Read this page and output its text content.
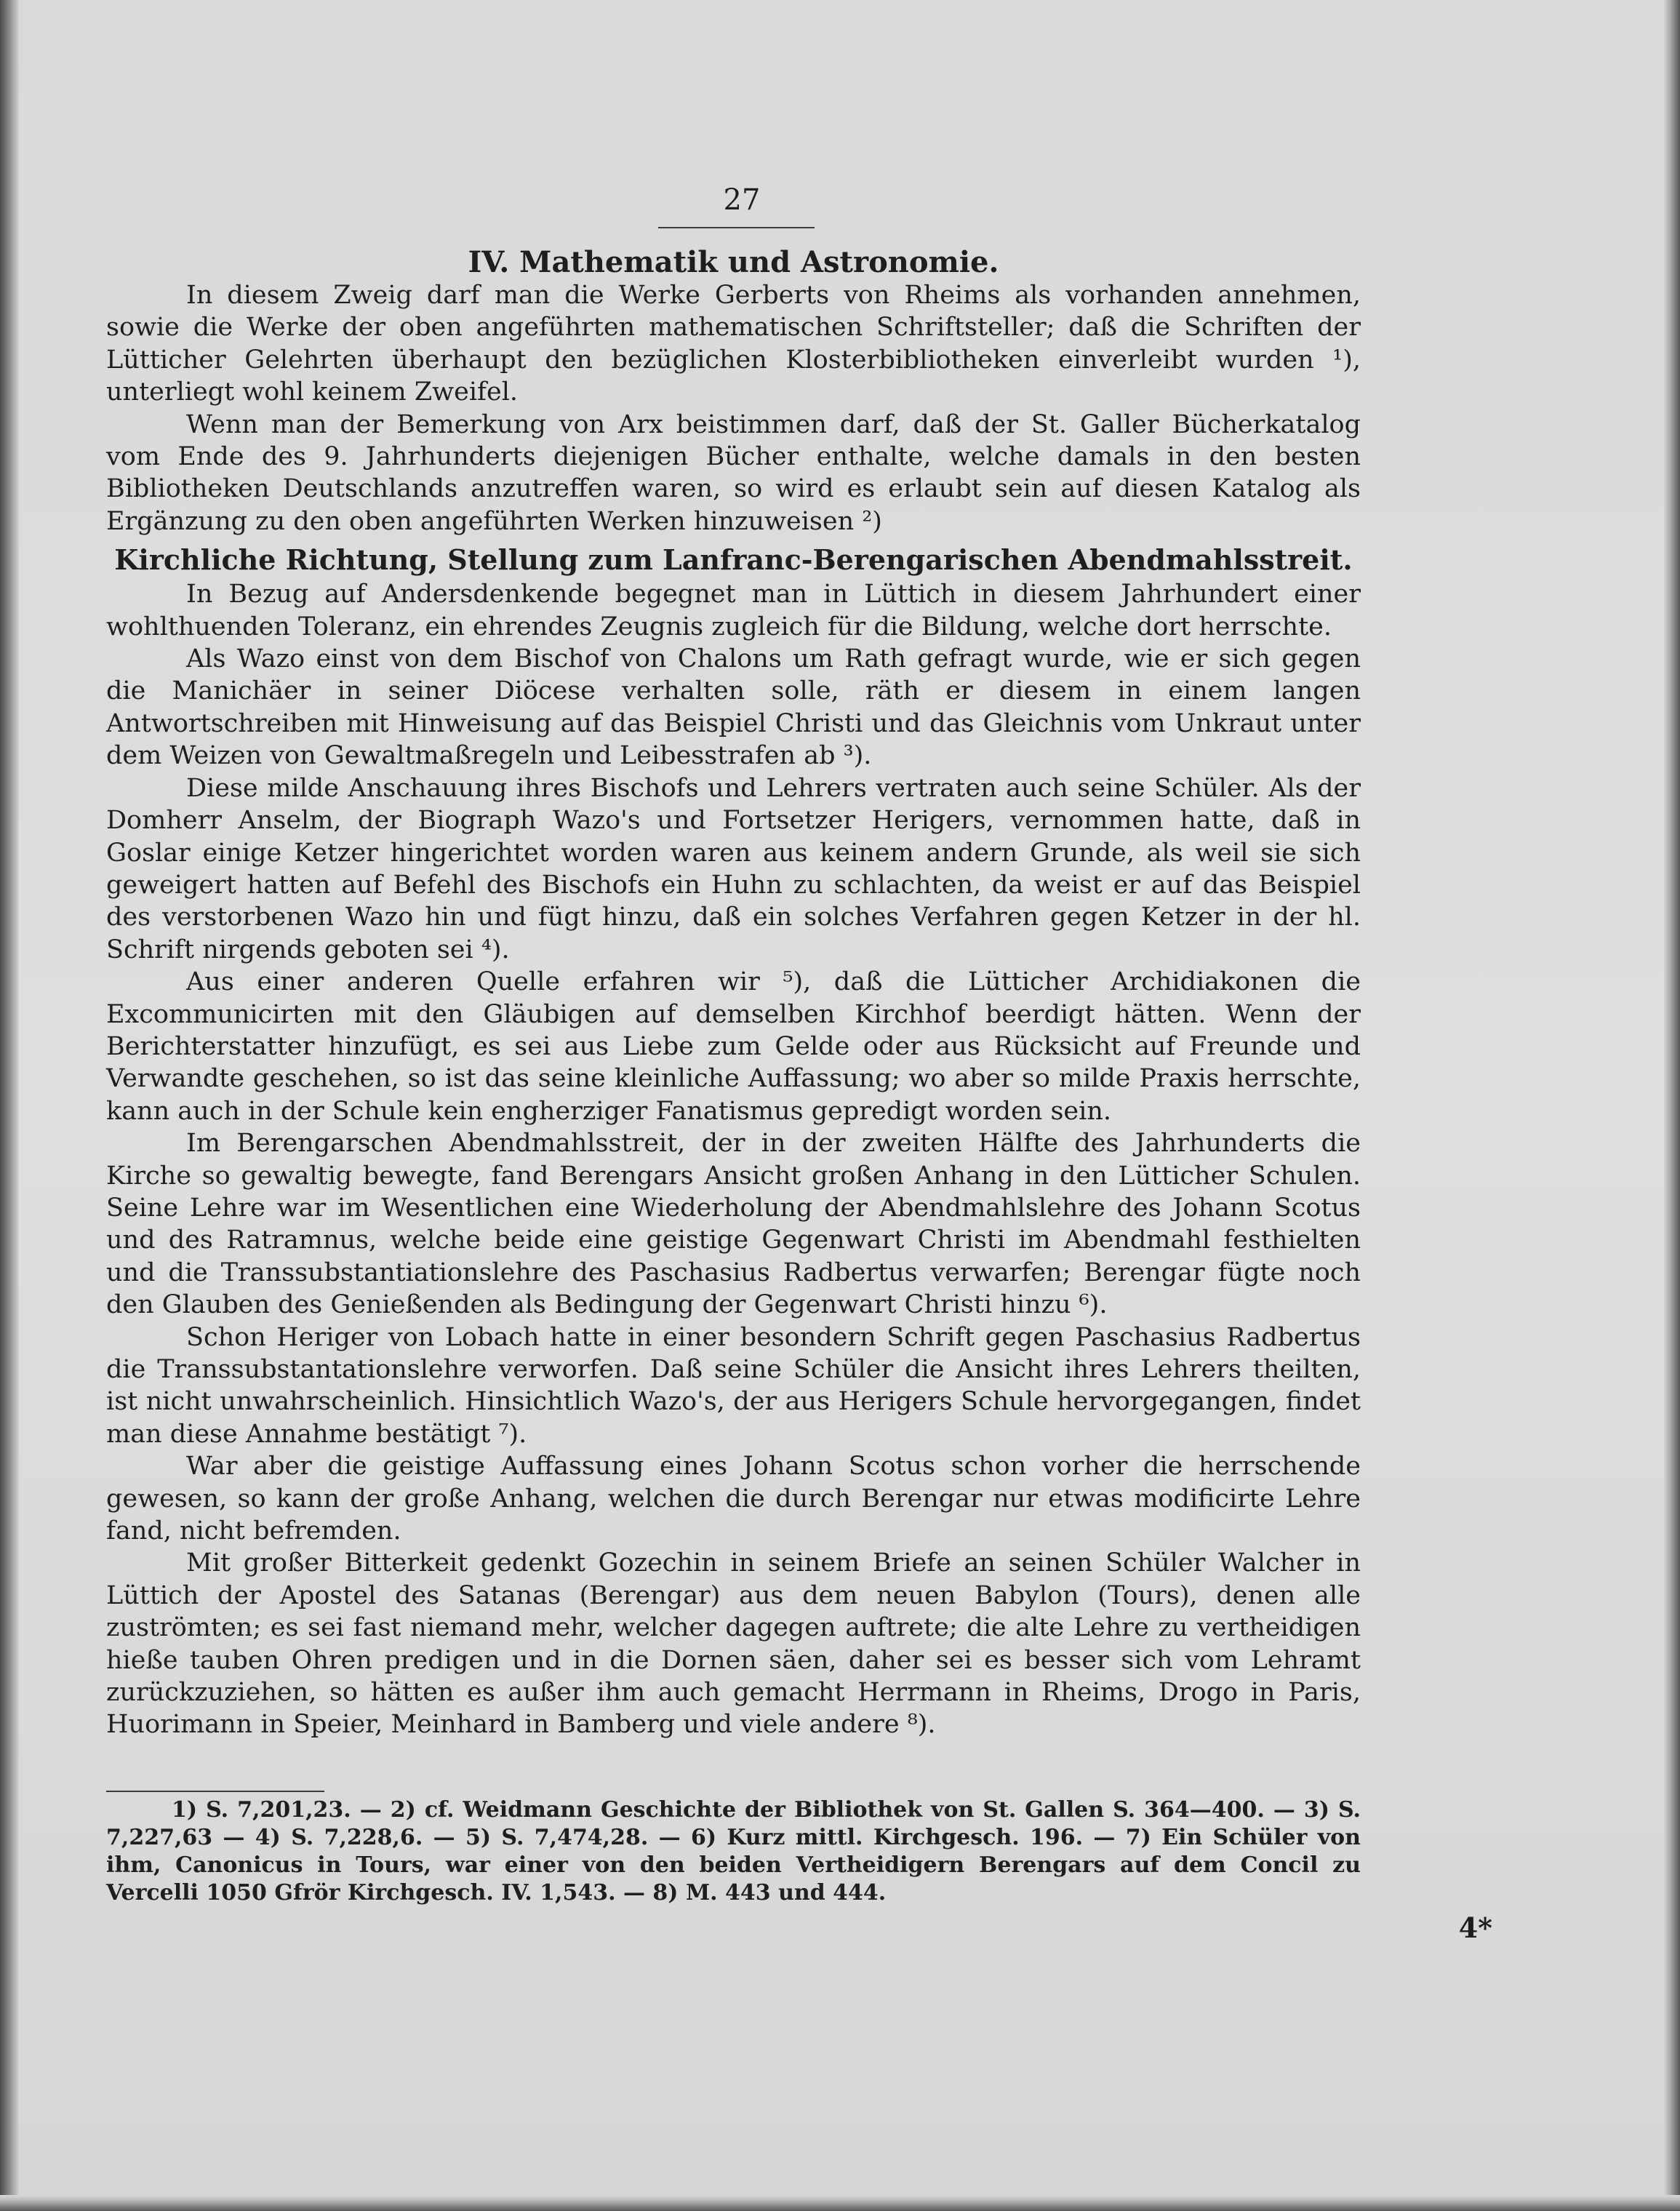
27
IV. Mathematik und Astronomie.

In diesem Zweig darf man die Werke Gerberts von Rheims als vorhanden annehmen, sowie die Werke der oben angeführten mathematischen Schriftsteller; daß die Schriften der Lütticher Gelehrten überhaupt den bezüglichen Klosterbibliotheken einverleibt wurden ¹), unterliegt wohl keinem Zweifel.

Wenn man der Bemerkung von Arx beistimmen darf, daß der St. Galler Bücherkatalog vom Ende des 9. Jahrhunderts diejenigen Bücher enthalte, welche damals in den besten Bibliotheken Deutschlands anzutreffen waren, so wird es erlaubt sein auf diesen Katalog als Ergänzung zu den oben angeführten Werken hinzuweisen ²)

Kirchliche Richtung, Stellung zum Lanfranc-Berengarischen Abendmahlsstreit.

In Bezug auf Andersdenkende begegnet man in Lüttich in diesem Jahrhundert einer wohlthuenden Toleranz, ein ehrendes Zeugnis zugleich für die Bildung, welche dort herrschte.

Als Wazo einst von dem Bischof von Chalons um Rath gefragt wurde, wie er sich gegen die Manichäer in seiner Diöcese verhalten solle, räth er diesem in einem langen Antwortschreiben mit Hinweisung auf das Beispiel Christi und das Gleichnis vom Unkraut unter dem Weizen von Gewaltmaßregeln und Leibesstrafen ab ³).

Diese milde Anschauung ihres Bischofs und Lehrers vertraten auch seine Schüler. Als der Domherr Anselm, der Biograph Wazo's und Fortsetzer Herigers, vernommen hatte, daß in Goslar einige Ketzer hingerichtet worden waren aus keinem andern Grunde, als weil sie sich geweigert hatten auf Befehl des Bischofs ein Huhn zu schlachten, da weist er auf das Beispiel des verstorbenen Wazo hin und fügt hinzu, daß ein solches Verfahren gegen Ketzer in der hl. Schrift nirgends geboten sei ⁴).

Aus einer anderen Quelle erfahren wir ⁵), daß die Lütticher Archidiakonen die Excommunicirten mit den Gläubigen auf demselben Kirchhof beerdigt hätten. Wenn der Berichterstatter hinzufügt, es sei aus Liebe zum Gelde oder aus Rücksicht auf Freunde und Verwandte geschehen, so ist das seine kleinliche Auffassung; wo aber so milde Praxis herrschte, kann auch in der Schule kein engherziger Fanatismus gepredigt worden sein.

Im Berengarschen Abendmahlsstreit, der in der zweiten Hälfte des Jahrhunderts die Kirche so gewaltig bewegte, fand Berengars Ansicht großen Anhang in den Lütticher Schulen. Seine Lehre war im Wesentlichen eine Wiederholung der Abendmahlslehre des Johann Scotus und des Ratramnus, welche beide eine geistige Gegenwart Christi im Abendmahl festhielten und die Transsubstantiationslehre des Paschasius Radbertus verwarfen; Berengar fügte noch den Glauben des Genießenden als Bedingung der Gegenwart Christi hinzu ⁶).

Schon Heriger von Lobach hatte in einer besondern Schrift gegen Paschasius Radbertus die Transsubstantationslehre verworfen. Daß seine Schüler die Ansicht ihres Lehrers theilten, ist nicht unwahrscheinlich. Hinsichtlich Wazo's, der aus Herigers Schule hervorgegangen, findet man diese Annahme bestätigt ⁷).

War aber die geistige Auffassung eines Johann Scotus schon vorher die herrschende gewesen, so kann der große Anhang, welchen die durch Berengar nur etwas modificirte Lehre fand, nicht befremden.

Mit großer Bitterkeit gedenkt Gozechin in seinem Briefe an seinen Schüler Walcher in Lüttich der Apostel des Satanas (Berengar) aus dem neuen Babylon (Tours), denen alle zuströmten; es sei fast niemand mehr, welcher dagegen auftrete; die alte Lehre zu vertheidigen hieße tauben Ohren predigen und in die Dornen säen, daher sei es besser sich vom Lehramt zurückzuziehen, so hätten es außer ihm auch gemacht Herrmann in Rheims, Drogo in Paris, Huorimann in Speier, Meinhard in Bamberg und viele andere ⁸).

1) S. 7,201,23. — 2) cf. Weidmann Geschichte der Bibliothek von St. Gallen S. 364—400. — 3) S. 7,227,63 — 4) S. 7,228,6. — 5) S. 7,474,28. — 6) Kurz mittl. Kirchgesch. 196. — 7) Ein Schüler von ihm, Canonicus in Tours, war einer von den beiden Vertheidigern Berengars auf dem Concil zu Vercelli 1050 Gfrör Kirchgesch. IV. 1,543. — 8) M. 443 und 444.

4*
